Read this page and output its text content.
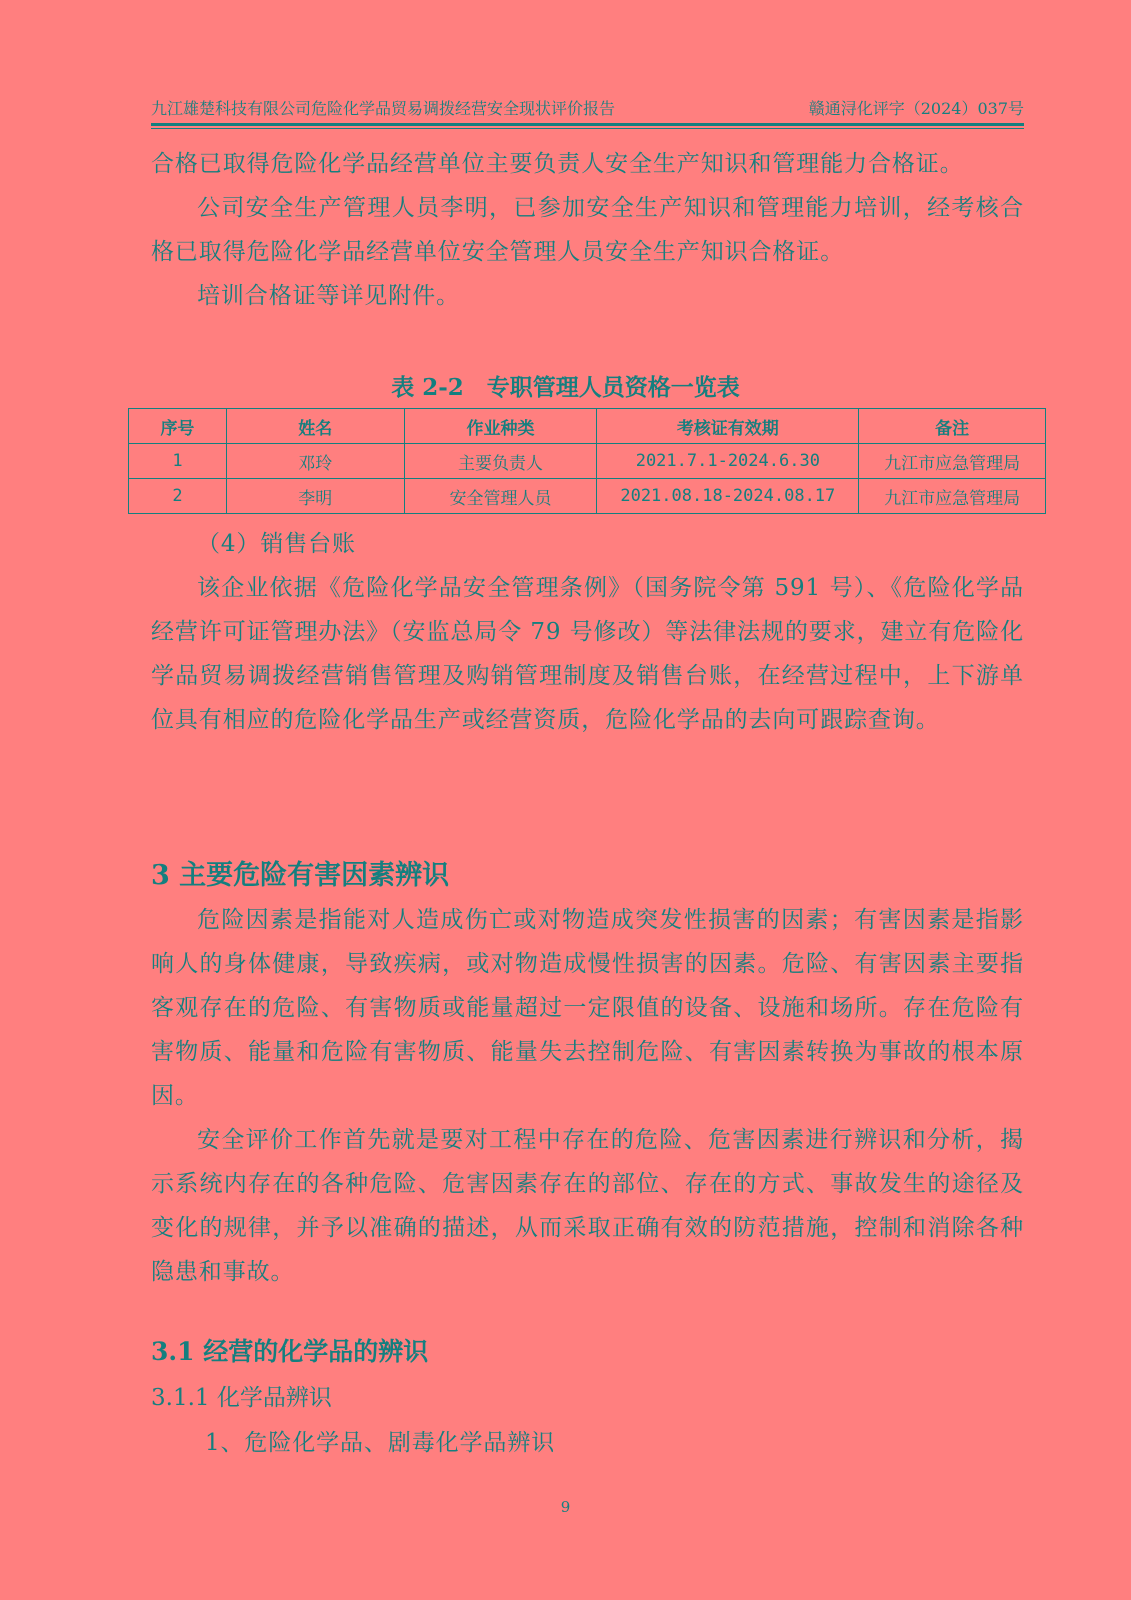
九江雄楚科技有限公司危险化学品贸易调拨经营安全现状评价报告	赣通浔化评字（2024）037号

合格已取得危险化学品经营单位主要负责人安全生产知识和管理能力合格证。

公司安全生产管理人员李明，已参加安全生产知识和管理能力培训，经考核合格已取得危险化学品经营单位安全管理人员安全生产知识合格证。

培训合格证等详见附件。

表 2-2　专职管理人员资格一览表
序号	姓名	作业种类	考核证有效期	备注
1	邓玲	主要负责人	2021.7.1-2024.6.30	九江市应急管理局
2	李明	安全管理人员	2021.08.18-2024.08.17	九江市应急管理局

（4）销售台账

该企业依据《危险化学品安全管理条例》（国务院令第 591 号）、《危险化学品经营许可证管理办法》（安监总局令 79 号修改）等法律法规的要求，建立有危险化学品贸易调拨经营销售管理及购销管理制度及销售台账，在经营过程中，上下游单位具有相应的危险化学品生产或经营资质，危险化学品的去向可跟踪查询。

3 主要危险有害因素辨识

危险因素是指能对人造成伤亡或对物造成突发性损害的因素；有害因素是指影响人的身体健康，导致疾病，或对物造成慢性损害的因素。危险、有害因素主要指客观存在的危险、有害物质或能量超过一定限值的设备、设施和场所。存在危险有害物质、能量和危险有害物质、能量失去控制危险、有害因素转换为事故的根本原因。

安全评价工作首先就是要对工程中存在的危险、危害因素进行辨识和分析，揭示系统内存在的各种危险、危害因素存在的部位、存在的方式、事故发生的途径及变化的规律，并予以准确的描述，从而采取正确有效的防范措施，控制和消除各种隐患和事故。

3.1 经营的化学品的辨识
3.1.1 化学品辨识
1、危险化学品、剧毒化学品辨识
9
